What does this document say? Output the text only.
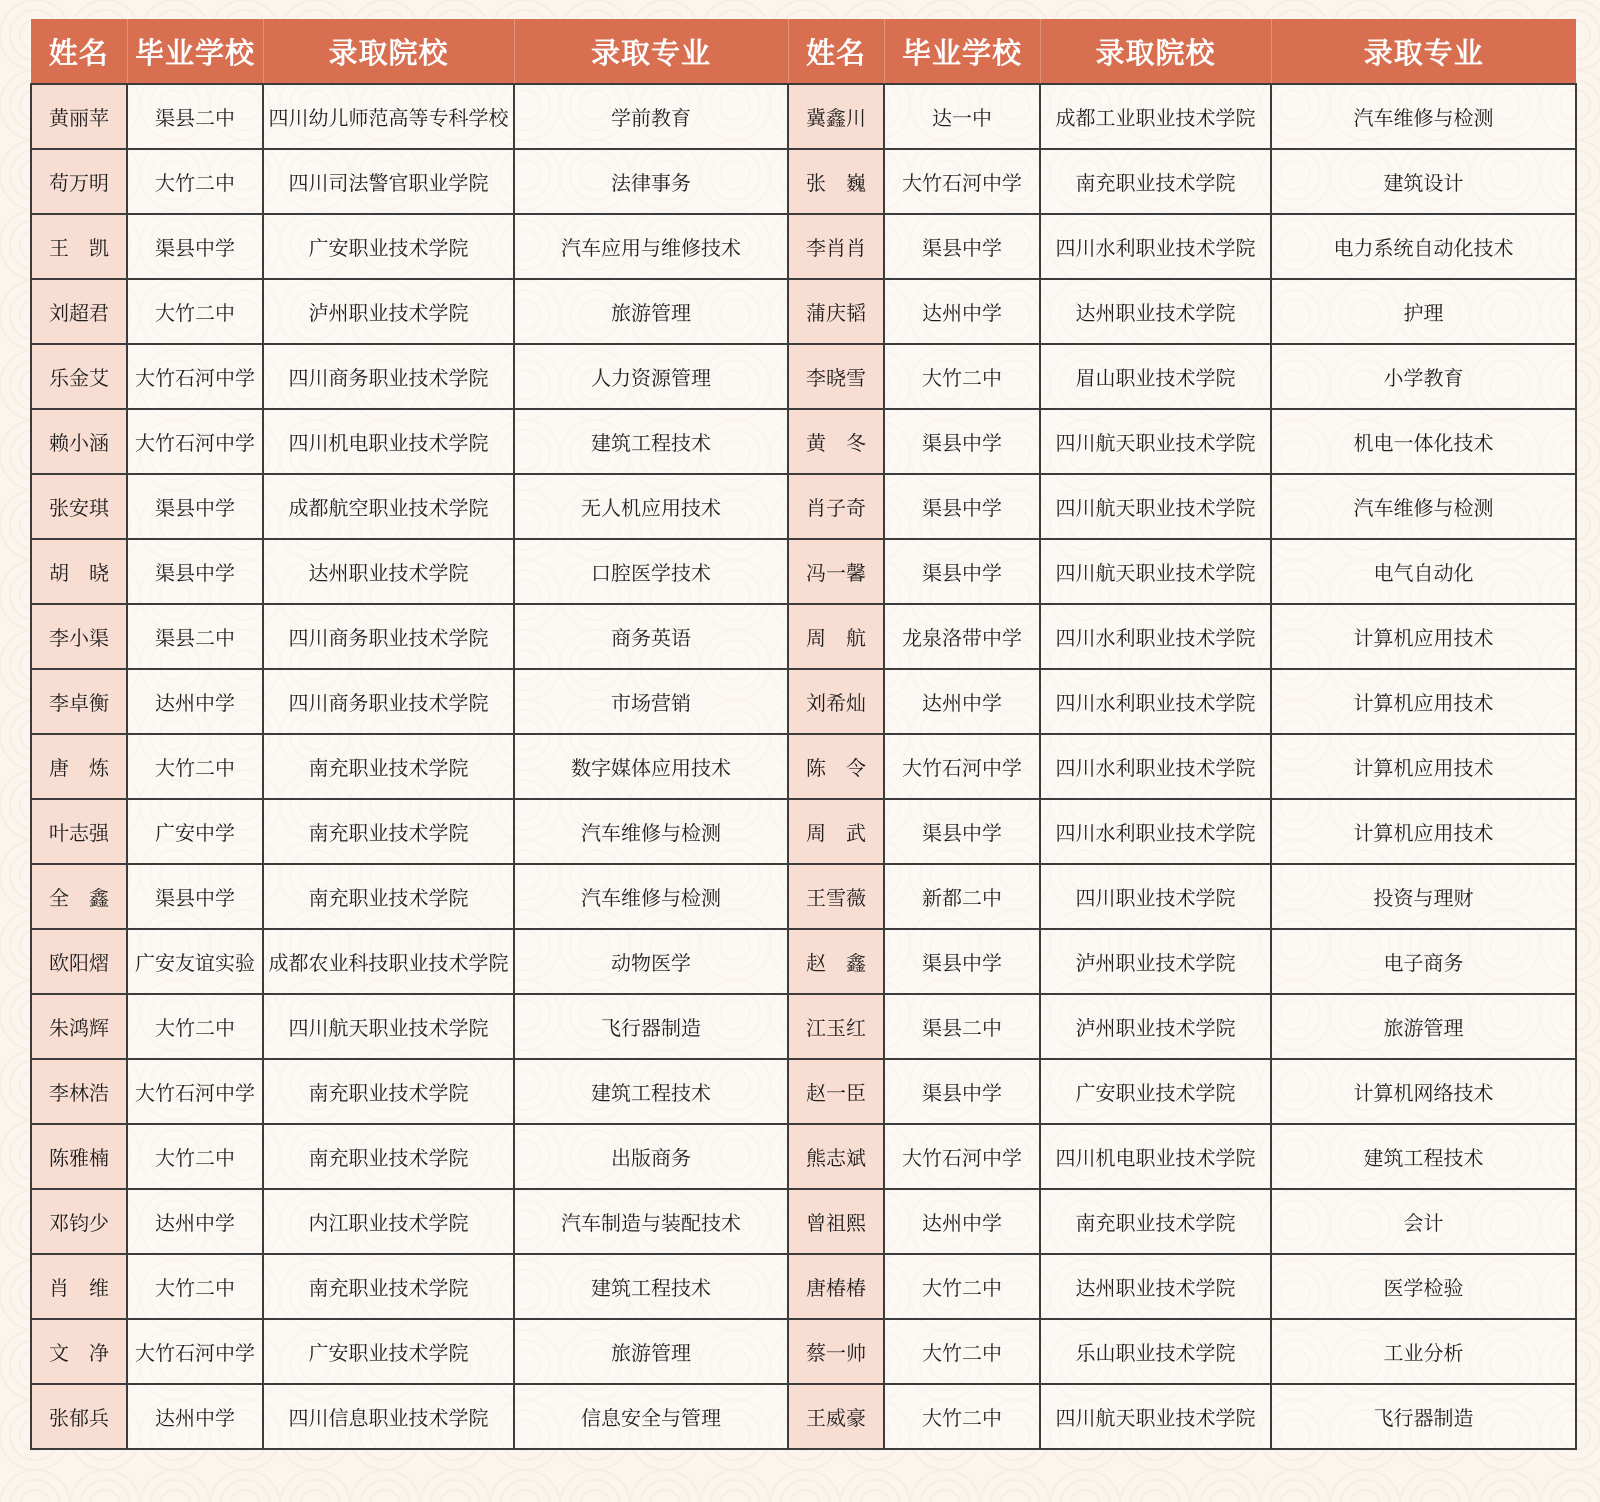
姓名	毕业学校	录取院校	录取专业	姓名	毕业学校	录取院校	录取专业
黄丽苹	渠县二中	四川幼儿师范高等专科学校	学前教育	冀鑫川	达一中	成都工业职业技术学院	汽车维修与检测
苟万明	大竹二中	四川司法警官职业学院	法律事务	张　巍	大竹石河中学	南充职业技术学院	建筑设计
王　凯	渠县中学	广安职业技术学院	汽车应用与维修技术	李肖肖	渠县中学	四川水利职业技术学院	电力系统自动化技术
刘超君	大竹二中	泸州职业技术学院	旅游管理	蒲庆韬	达州中学	达州职业技术学院	护理
乐金艾	大竹石河中学	四川商务职业技术学院	人力资源管理	李晓雪	大竹二中	眉山职业技术学院	小学教育
赖小涵	大竹石河中学	四川机电职业技术学院	建筑工程技术	黄　冬	渠县中学	四川航天职业技术学院	机电一体化技术
张安琪	渠县中学	成都航空职业技术学院	无人机应用技术	肖子奇	渠县中学	四川航天职业技术学院	汽车维修与检测
胡　晓	渠县中学	达州职业技术学院	口腔医学技术	冯一馨	渠县中学	四川航天职业技术学院	电气自动化
李小渠	渠县二中	四川商务职业技术学院	商务英语	周　航	龙泉洛带中学	四川水利职业技术学院	计算机应用技术
李卓衡	达州中学	四川商务职业技术学院	市场营销	刘希灿	达州中学	四川水利职业技术学院	计算机应用技术
唐　炼	大竹二中	南充职业技术学院	数字媒体应用技术	陈　令	大竹石河中学	四川水利职业技术学院	计算机应用技术
叶志强	广安中学	南充职业技术学院	汽车维修与检测	周　武	渠县中学	四川水利职业技术学院	计算机应用技术
全　鑫	渠县中学	南充职业技术学院	汽车维修与检测	王雪薇	新都二中	四川职业技术学院	投资与理财
欧阳熠	广安友谊实验	成都农业科技职业技术学院	动物医学	赵　鑫	渠县中学	泸州职业技术学院	电子商务
朱鸿辉	大竹二中	四川航天职业技术学院	飞行器制造	江玉红	渠县二中	泸州职业技术学院	旅游管理
李林浩	大竹石河中学	南充职业技术学院	建筑工程技术	赵一臣	渠县中学	广安职业技术学院	计算机网络技术
陈雅楠	大竹二中	南充职业技术学院	出版商务	熊志斌	大竹石河中学	四川机电职业技术学院	建筑工程技术
邓钧少	达州中学	内江职业技术学院	汽车制造与装配技术	曾祖熙	达州中学	南充职业技术学院	会计
肖　维	大竹二中	南充职业技术学院	建筑工程技术	唐椿椿	大竹二中	达州职业技术学院	医学检验
文　净	大竹石河中学	广安职业技术学院	旅游管理	蔡一帅	大竹二中	乐山职业技术学院	工业分析
张郁兵	达州中学	四川信息职业技术学院	信息安全与管理	王威豪	大竹二中	四川航天职业技术学院	飞行器制造
